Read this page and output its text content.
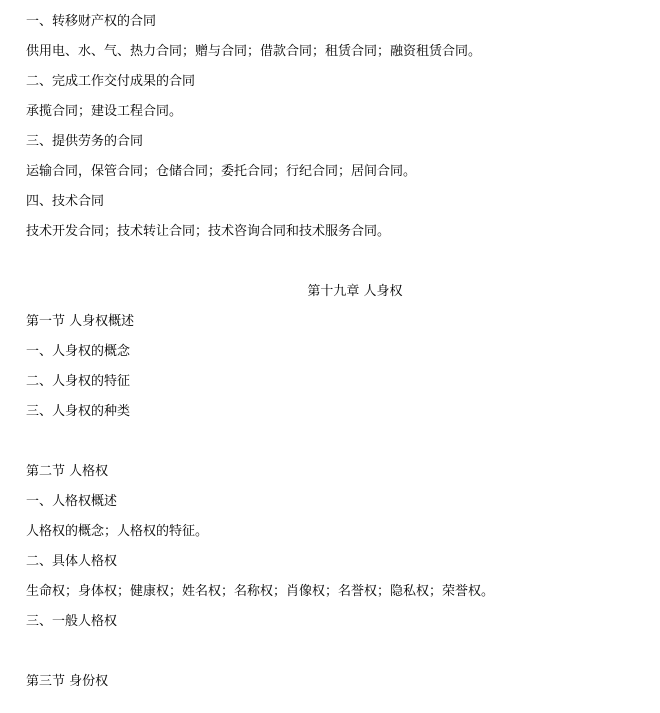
一、转移财产权的合同
供用电、水、气、热力合同；赠与合同；借款合同；租赁合同；融资租赁合同。
二、完成工作交付成果的合同
承揽合同；建设工程合同。
三、提供劳务的合同
运输合同，保管合同；仓储合同；委托合同；行纪合同；居间合同。
四、技术合同
技术开发合同；技术转让合同；技术咨询合同和技术服务合同。
第十九章 人身权
第一节 人身权概述
一、人身权的概念
二、人身权的特征
三、人身权的种类
第二节 人格权
一、人格权概述
人格权的概念；人格权的特征。
二、具体人格权
生命权；身体权；健康权；姓名权；名称权；肖像权；名誉权；隐私权；荣誉权。
三、一般人格权
第三节 身份权
